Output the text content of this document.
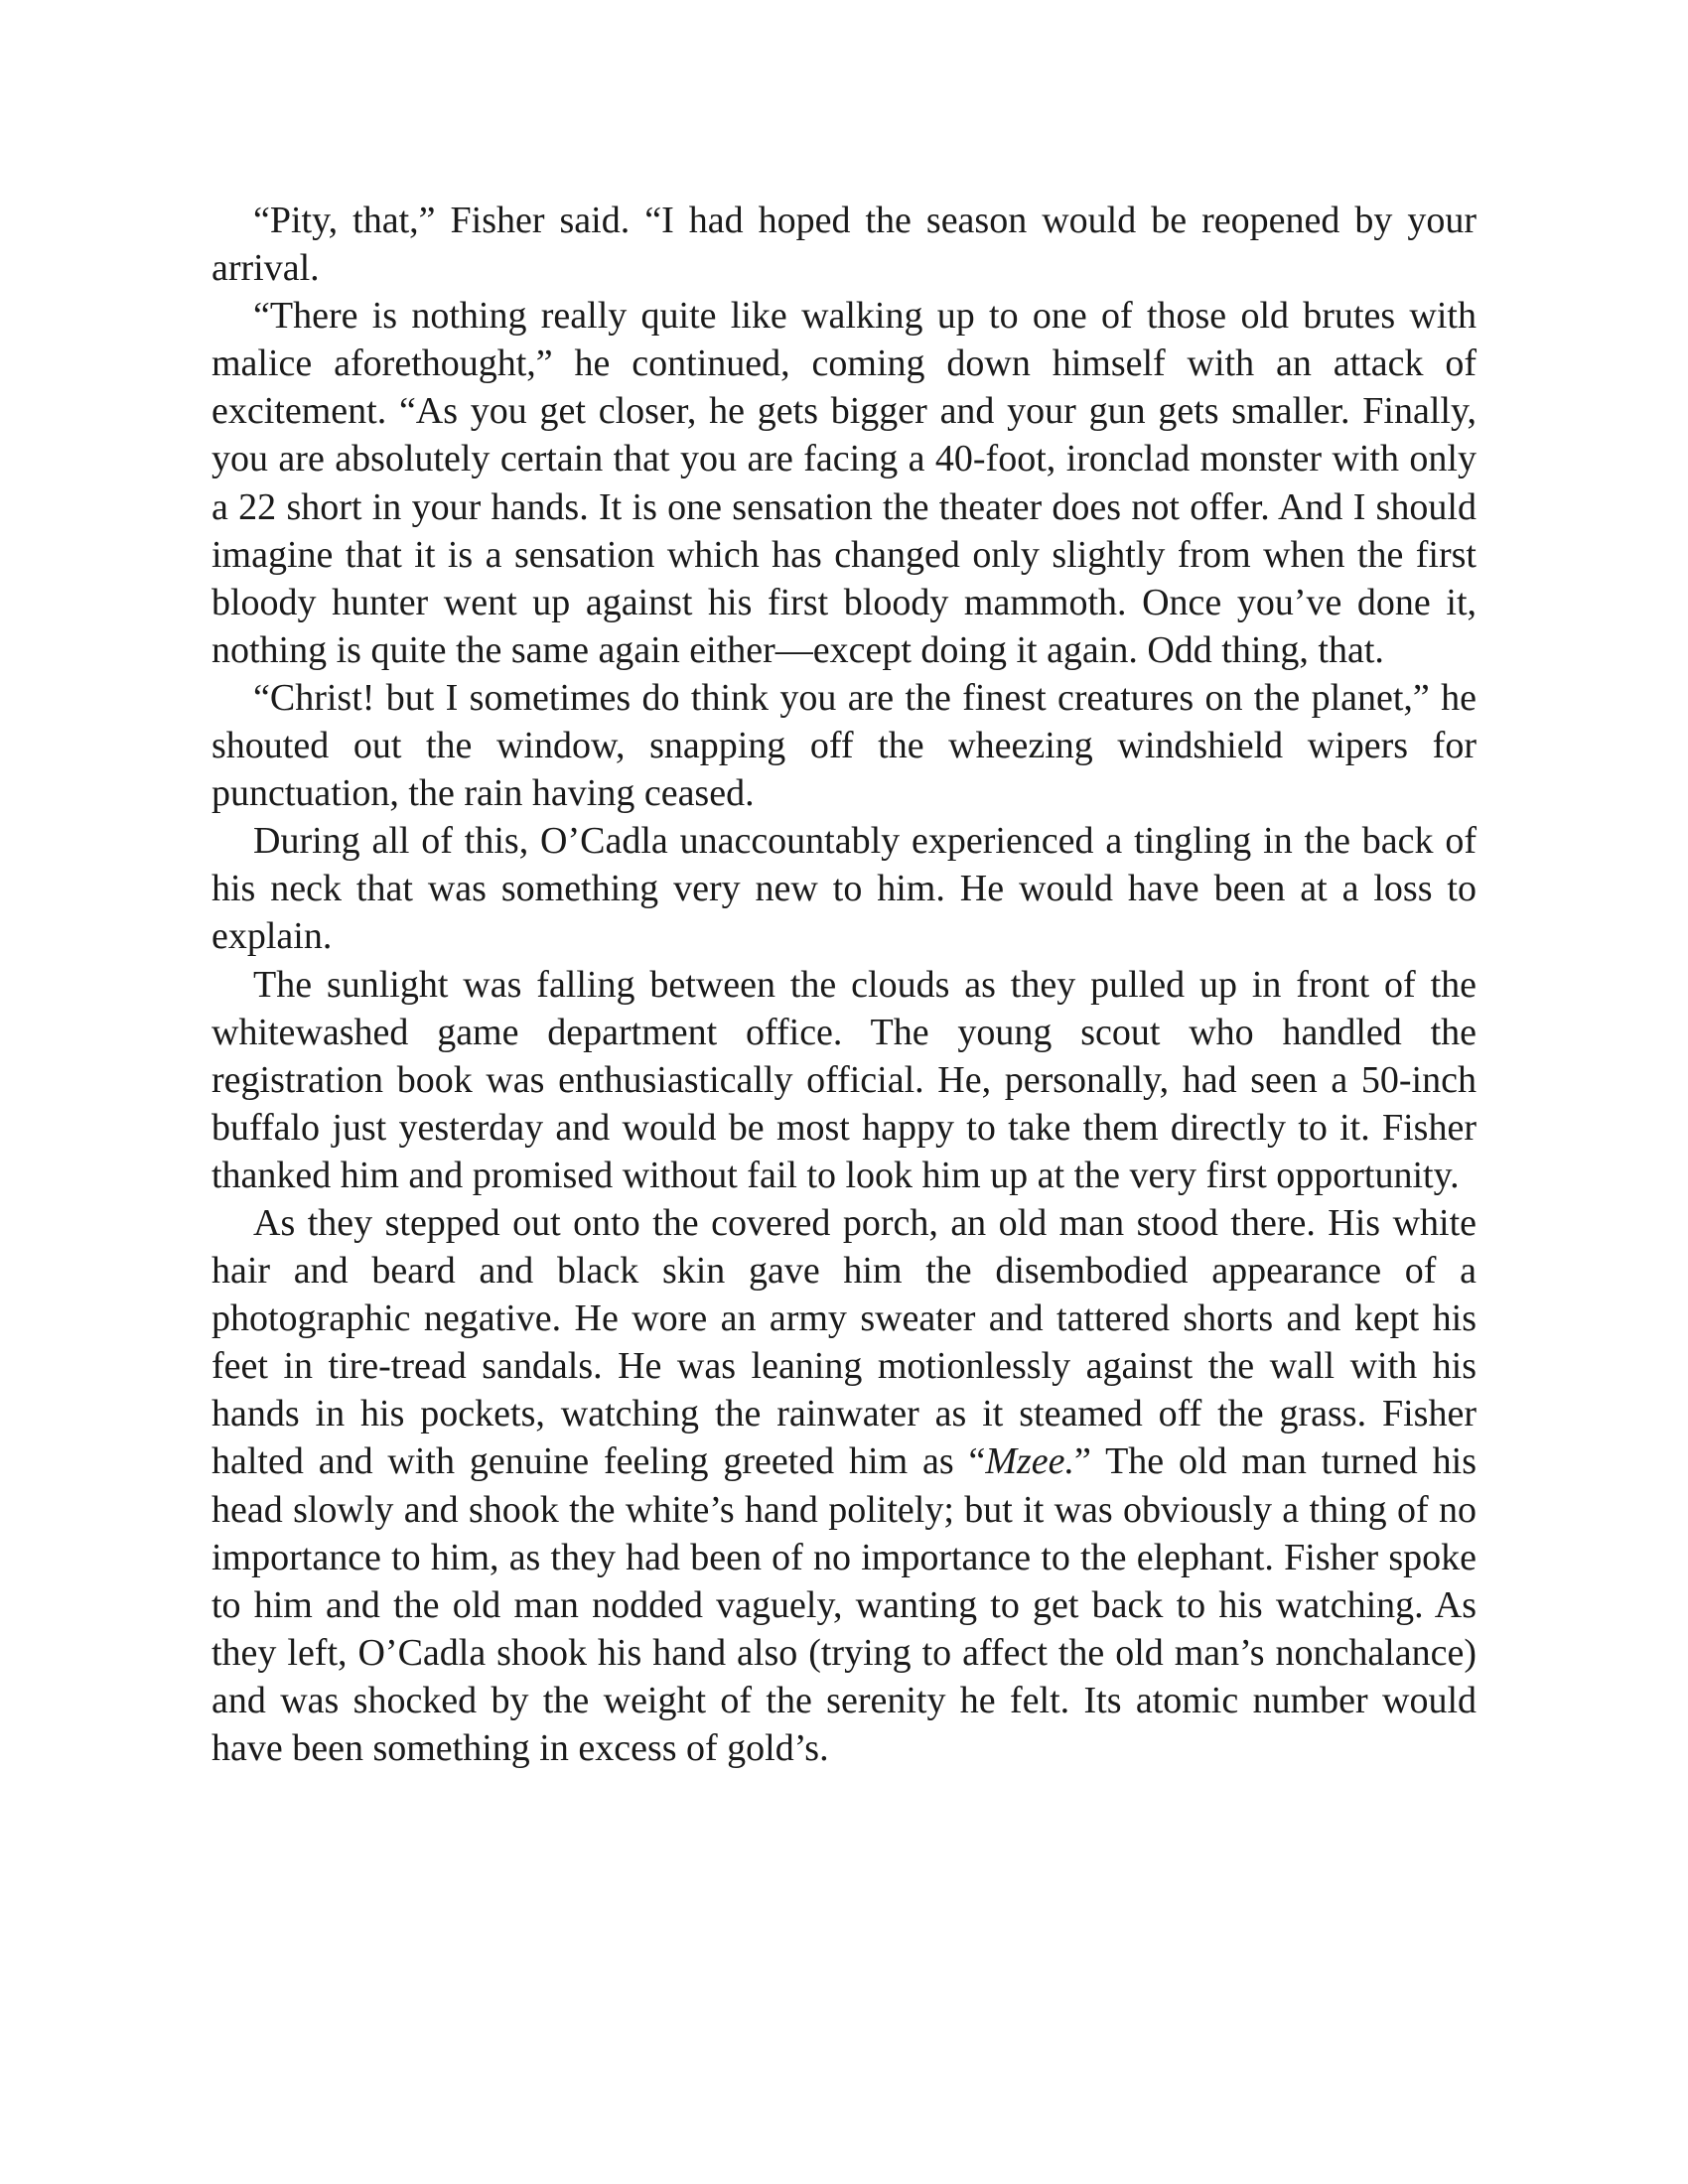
“Pity, that,” Fisher said. “I had hoped the season would be reopened by your arrival.

“There is nothing really quite like walking up to one of those old brutes with malice aforethought,” he continued, coming down himself with an attack of excitement. “As you get closer, he gets bigger and your gun gets smaller. Finally, you are absolutely certain that you are facing a 40-foot, ironclad monster with only a 22 short in your hands. It is one sensation the theater does not offer. And I should imagine that it is a sensation which has changed only slightly from when the first bloody hunter went up against his first bloody mammoth. Once you’ve done it, nothing is quite the same again either—except doing it again. Odd thing, that.

“Christ! but I sometimes do think you are the finest creatures on the planet,” he shouted out the window, snapping off the wheezing windshield wipers for punctuation, the rain having ceased.

During all of this, O’Cadla unaccountably experienced a tingling in the back of his neck that was something very new to him. He would have been at a loss to explain.

The sunlight was falling between the clouds as they pulled up in front of the whitewashed game department office. The young scout who handled the registration book was enthusiastically official. He, personally, had seen a 50-inch buffalo just yesterday and would be most happy to take them directly to it. Fisher thanked him and promised without fail to look him up at the very first opportunity.

As they stepped out onto the covered porch, an old man stood there. His white hair and beard and black skin gave him the disembodied appearance of a photographic negative. He wore an army sweater and tattered shorts and kept his feet in tire-tread sandals. He was leaning motionlessly against the wall with his hands in his pockets, watching the rainwater as it steamed off the grass. Fisher halted and with genuine feeling greeted him as “Mzee.” The old man turned his head slowly and shook the white’s hand politely; but it was obviously a thing of no importance to him, as they had been of no importance to the elephant. Fisher spoke to him and the old man nodded vaguely, wanting to get back to his watching. As they left, O’Cadla shook his hand also (trying to affect the old man’s nonchalance) and was shocked by the weight of the serenity he felt. Its atomic number would have been something in excess of gold’s.
